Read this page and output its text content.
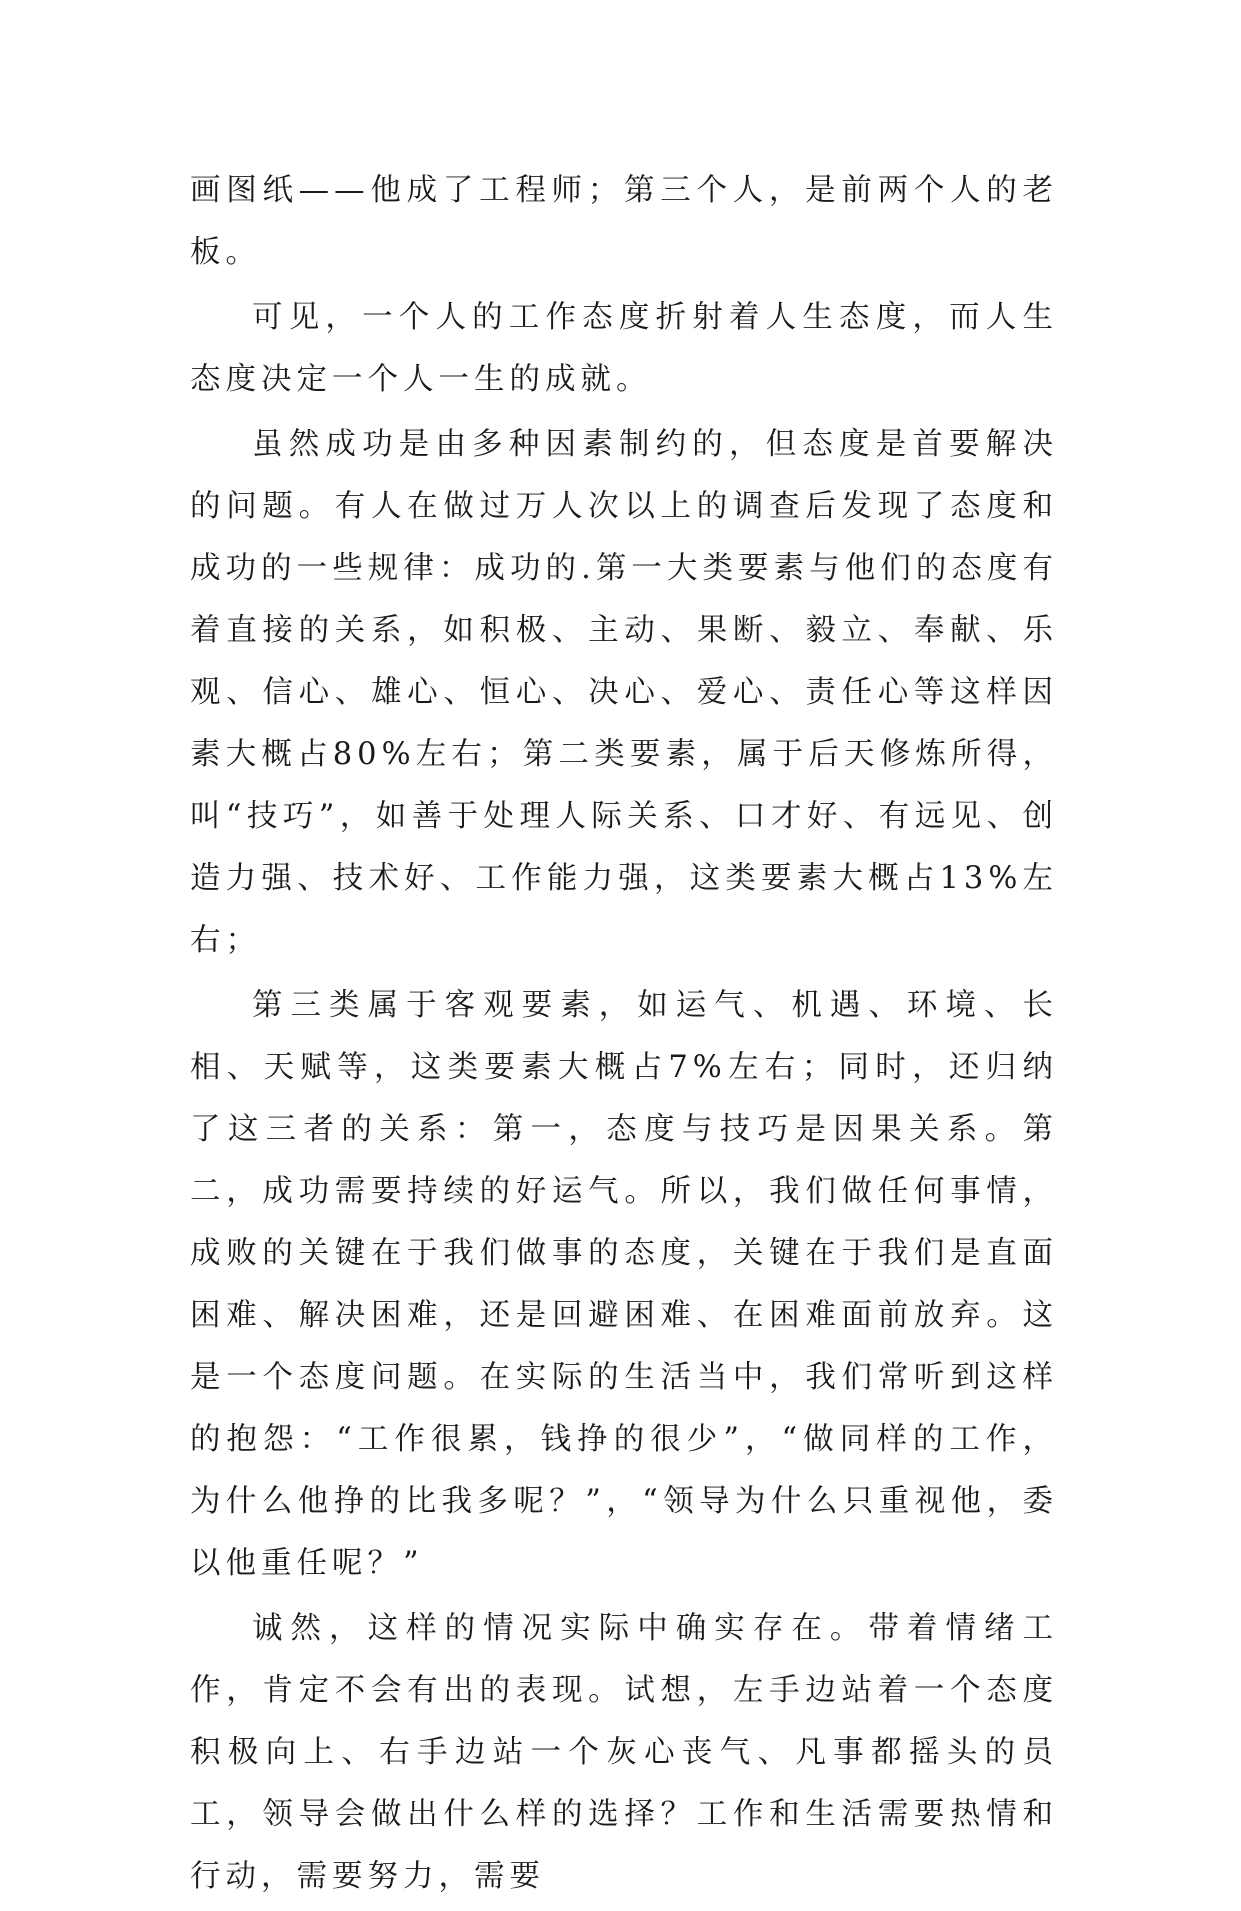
画图纸——他成了工程师；第三个人，是前两个人的老板。

可见，一个人的工作态度折射着人生态度，而人生态度决定一个人一生的成就。

虽然成功是由多种因素制约的，但态度是首要解决的问题。有人在做过万人次以上的调查后发现了态度和成功的一些规律：成功的.第一大类要素与他们的态度有着直接的关系，如积极、主动、果断、毅立、奉献、乐观、信心、雄心、恒心、决心、爱心、责任心等这样因素大概占80%左右；第二类要素，属于后天修炼所得，叫“技巧”，如善于处理人际关系、口才好、有远见、创造力强、技术好、工作能力强，这类要素大概占13%左右；

第三类属于客观要素，如运气、机遇、环境、长相、天赋等，这类要素大概占7%左右；同时，还归纳了这三者的关系：第一，态度与技巧是因果关系。第二，成功需要持续的好运气。所以，我们做任何事情，成败的关键在于我们做事的态度，关键在于我们是直面困难、解决困难，还是回避困难、在困难面前放弃。这是一个态度问题。在实际的生活当中，我们常听到这样的抱怨：“工作很累，钱挣的很少”，“做同样的工作，为什么他挣的比我多呢？”，“领导为什么只重视他，委以他重任呢？”

诚然，这样的情况实际中确实存在。带着情绪工作，肯定不会有出的表现。试想，左手边站着一个态度积极向上、右手边站一个灰心丧气、凡事都摇头的员工，领导会做出什么样的选择？工作和生活需要热情和行动，需要努力，需要
